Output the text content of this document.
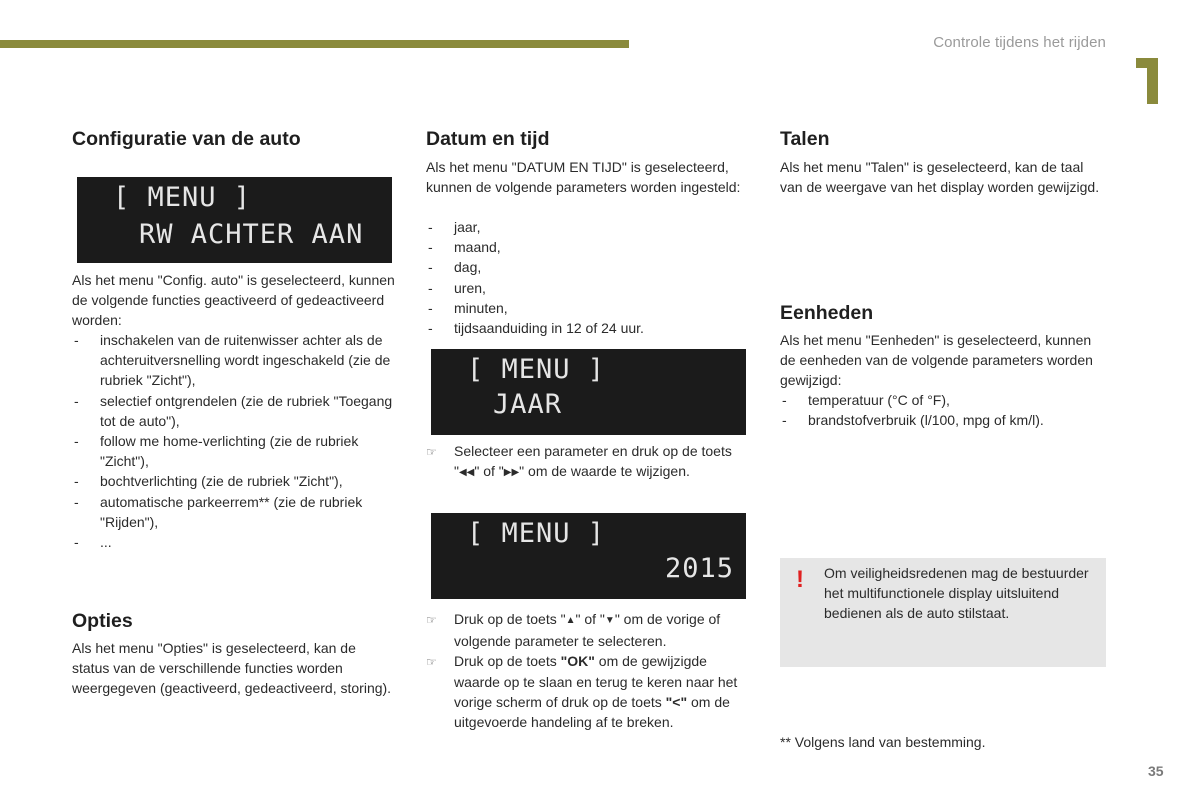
Controle tijdens het rijden
Configuratie van de auto
[ MENU ]
RW ACHTER AAN

Als het menu "Config. auto" is geselecteerd, kunnen de volgende functies geactiveerd of gedeactiveerd worden:

- inschakelen van de ruitenwisser achter als de achteruitversnelling wordt ingeschakeld (zie de rubriek "Zicht"),
- selectief ontgrendelen (zie de rubriek "Toegang tot de auto"),
- follow me home-verlichting (zie de rubriek "Zicht"),
- bochtverlichting (zie de rubriek "Zicht"),
- automatische parkeerrem** (zie de rubriek "Rijden"),
- ...
Opties

Als het menu "Opties" is geselecteerd, kan de status van de verschillende functies worden weergegeven (geactiveerd, gedeactiveerd, storing).

Datum en tijd

Als het menu "DATUM EN TIJD" is geselecteerd, kunnen de volgende parameters worden ingesteld:

- jaar,
- maand,
- dag,
- uren,
- minuten,
- tijdsaanduiding in 12 of 24 uur.
[ MENU ]
JAAR
☞ Selecteer een parameter en druk op de toets "◀◀" of "▶▶" om de waarde te wijzigen.
[ MENU ]
2015
☞ Druk op de toets "▲" of "▼" om de vorige of volgende parameter te selecteren.
☞ Druk op de toets "OK" om de gewijzigde waarde op te slaan en terug te keren naar het vorige scherm of druk op de toets "<" om de uitgevoerde handeling af te breken.
Talen

Als het menu "Talen" is geselecteerd, kan de taal van de weergave van het display worden gewijzigd.

Eenheden

Als het menu "Eenheden" is geselecteerd, kunnen de eenheden van de volgende parameters worden gewijzigd:

- temperatuur (°C of °F),
- brandstofverbruik (l/100, mpg of km/l).
! Om veiligheidsredenen mag de bestuurder het multifunctionele display uitsluitend bedienen als de auto stilstaat.

** Volgens land van bestemming.

35
